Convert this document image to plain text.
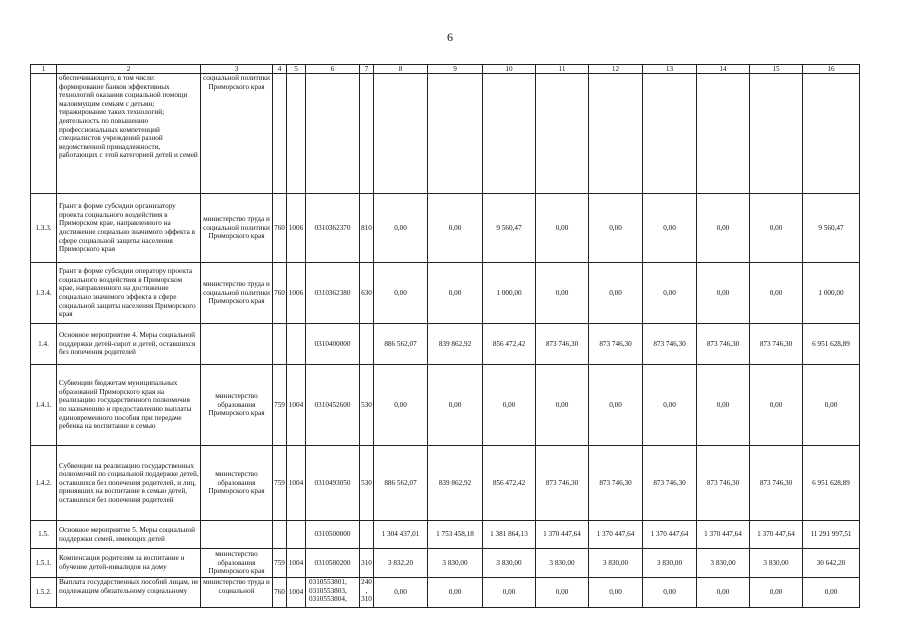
6
1	2	3	4	5	6	7	8	9	10	11	12	13	14	15	16
	обеспечивающего, в том числе: формирование банков эффективных технологий оказания социальной помощи малоимущим семьям с детьми; тиражирование таких технологий; деятельность по повышению профессиональных компетенций специалистов учреждений разной ведомственной принадлежности, работающих с этой категорией детей и семей	социальной политики Приморского края													
1.3.3.	Грант в форме субсидии организатору проекта социального воздействия в Приморском крае, направленного на достижение социально значимого эффекта в сфере социальной защиты населения Приморского края	министерство труда и социальной политики Приморского края	760	1006	0310362370	810	0,00	0,00	9 560,47	0,00	0,00	0,00	0,00	0,00	9 560,47
1.3.4.	Грант в форме субсидии оператору проекта социального воздействия в Приморском крае, направленного на достижение социально значимого эффекта в сфере социальной защиты населения Приморского края	министерство труда и социальной политики Приморского края	760	1006	0310362380	630	0,00	0,00	1 000,00	0,00	0,00	0,00	0,00	0,00	1 000,00
1.4.	Основное мероприятие 4. Меры социальной поддержки детей-сирот и детей, оставшихся без попечения родителей				0310400000		886 562,07	839 862,92	856 472,42	873 746,30	873 746,30	873 746,30	873 746,30	873 746,30	6 951 628,89
1.4.1.	Субвенции бюджетам муниципальных образований Приморского края на реализацию государственного полномочия по назначению и предоставлению выплаты единовременного пособия при передаче ребенка на воспитание в семью	министерство образования Приморского края	759	1004	0310452600	530	0,00	0,00	0,00	0,00	0,00	0,00	0,00	0,00	0,00
1.4.2.	Субвенции на реализацию государственных полномочий по социальной поддержке детей, оставшихся без попечения родителей, и лиц, принявших на воспитание в семью детей, оставшихся без попечения родителей	министерство образования Приморского края	759	1004	0310493050	530	886 562,07	839 862,92	856 472,42	873 746,30	873 746,30	873 746,30	873 746,30	873 746,30	6 951 628,89
1.5.	Основное мероприятие 5. Меры социальной поддержки семей, имеющих детей				0310500000		1 304 437,01	1 753 458,18	1 381 864,13	1 370 447,64	1 370 447,64	1 370 447,64	1 370 447,64	1 370 447,64	11 291 997,51
1.5.1.	Компенсация родителям за воспитание и обучение детей-инвалидов на дому	министерство образования Приморского края	759	1004	0310580200	310	3 832,20	3 830,00	3 830,00	3 830,00	3 830,00	3 830,00	3 830,00	3 830,00	30 642,20
1.5.2.	Выплата государственных пособий лицам, не подлежащим обязательному социальному	министерство труда и социальной	760	1004	0310553801, 0310553803, 0310553804,	240, 310	0,00	0,00	0,00	0,00	0,00	0,00	0,00	0,00	0,00
